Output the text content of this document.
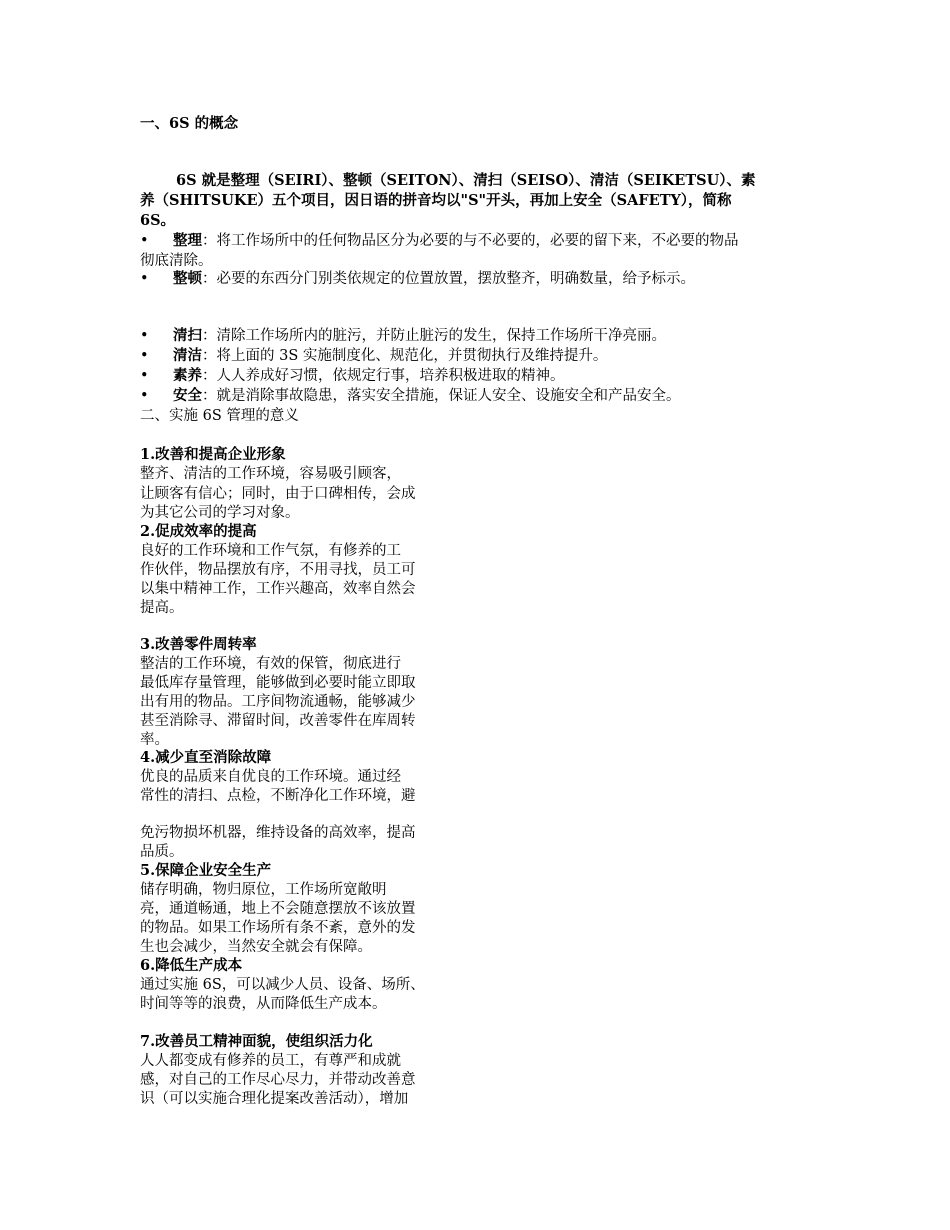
一、6S 的概念
6S 就是整理（SEIRI）、整顿（SEITON）、清扫（SEISO）、清洁（SEIKETSU）、素
养（SHITSUKE）五个项目，因日语的拼音均以"S"开头，再加上安全（SAFETY），简称
6S。
• 整理：将工作场所中的任何物品区分为必要的与不必要的，必要的留下来，不必要的物品
彻底清除。
• 整顿：必要的东西分门别类依规定的位置放置，摆放整齐，明确数量，给予标示。
• 清扫：清除工作场所内的脏污，并防止脏污的发生，保持工作场所干净亮丽。
• 清洁：将上面的 3S 实施制度化、规范化，并贯彻执行及维持提升。
• 素养：人人养成好习惯，依规定行事，培养积极进取的精神。
• 安全：就是消除事故隐患，落实安全措施，保证人安全、设施安全和产品安全。
二、实施 6S 管理的意义
1.改善和提高企业形象
整齐、清洁的工作环境，容易吸引顾客，
让顾客有信心；同时，由于口碑相传，会成
为其它公司的学习对象。
2.促成效率的提高
良好的工作环境和工作气氛，有修养的工
作伙伴，物品摆放有序，不用寻找，员工可
以集中精神工作，工作兴趣高，效率自然会
提高。
3.改善零件周转率
整洁的工作环境，有效的保管，彻底进行
最低库存量管理，能够做到必要时能立即取
出有用的物品。工序间物流通畅，能够减少
甚至消除寻、滞留时间，改善零件在库周转
率。
4.减少直至消除故障
优良的品质来自优良的工作环境。通过经
常性的清扫、点检，不断净化工作环境，避
免污物损坏机器，维持设备的高效率，提高
品质。
5.保障企业安全生产
储存明确，物归原位，工作场所宽敞明
亮，通道畅通，地上不会随意摆放不该放置
的物品。如果工作场所有条不紊，意外的发
生也会减少，当然安全就会有保障。
6.降低生产成本
通过实施 6S，可以减少人员、设备、场所、
时间等等的浪费，从而降低生产成本。
7.改善员工精神面貌，使组织活力化
人人都变成有修养的员工，有尊严和成就
感，对自己的工作尽心尽力，并带动改善意
识（可以实施合理化提案改善活动），增加
